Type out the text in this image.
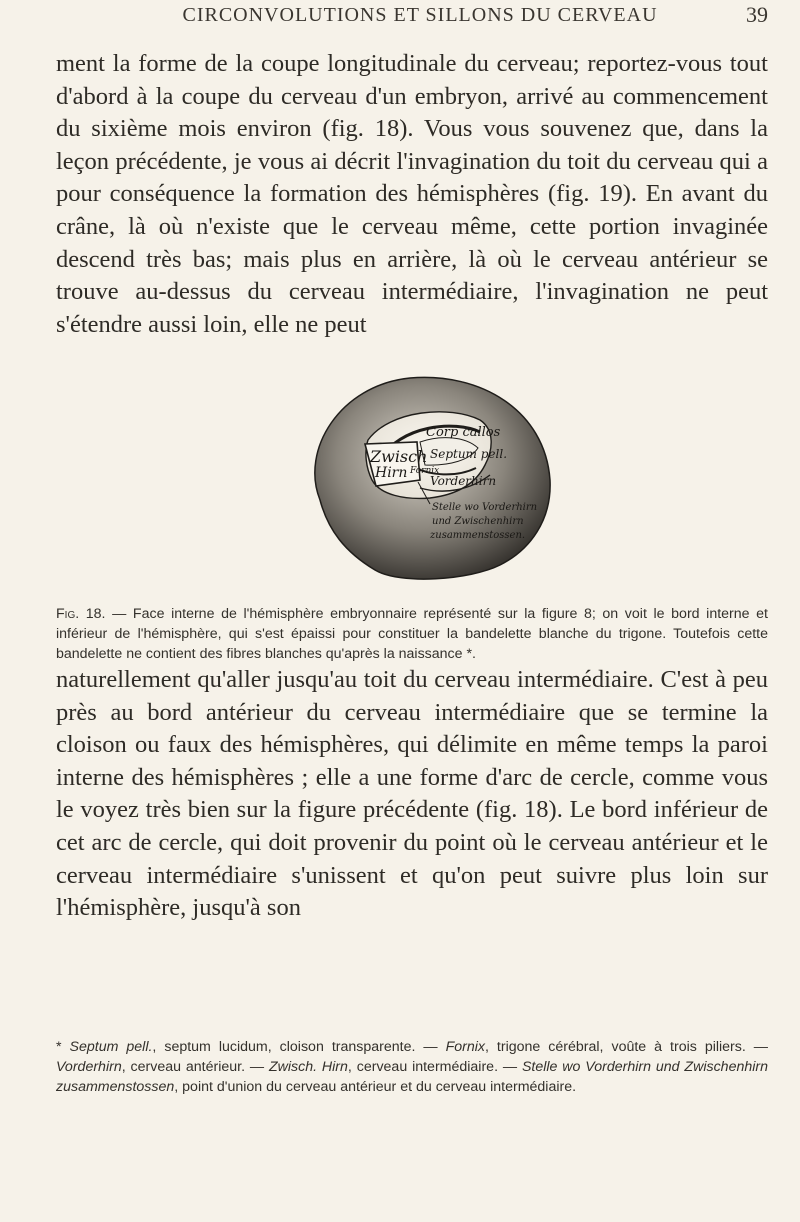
CIRCONVOLUTIONS ET SILLONS DU CERVEAU	39
ment la forme de la coupe longitudinale du cerveau; reportez-vous tout d'abord à la coupe du cerveau d'un embryon, arrivé au commencement du sixième mois environ (fig. 18). Vous vous souvenez que, dans la leçon précédente, je vous ai décrit l'invagination du toit du cerveau qui a pour conséquence la formation des hémisphères (fig. 19). En avant du crâne, là où n'existe que le cerveau même, cette portion invaginée descend très bas; mais plus en arrière, là où le cerveau antérieur se trouve au-dessus du cerveau intermédiaire, l'invagination ne peut s'étendre aussi loin, elle ne peut
Corp callos
Zwisch
Hirn
Septum pell.
Fornix
Vorderhirn
Stelle wo Vorderhirn
und Zwischenhirn
zusammenstossen.
Fig. 18. — Face interne de l'hémisphère embryonnaire représenté sur la figure 8; on voit le bord interne et inférieur de l'hémisphère, qui s'est épaissi pour constituer la bandelette blanche du trigone. Toutefois cette bandelette ne contient des fibres blanches qu'après la naissance *.
naturellement qu'aller jusqu'au toit du cerveau intermédiaire. C'est à peu près au bord antérieur du cerveau intermédiaire que se termine la cloison ou faux des hémisphères, qui délimite en même temps la paroi interne des hémisphères ; elle a une forme d'arc de cercle, comme vous le voyez très bien sur la figure précédente (fig. 18). Le bord inférieur de cet arc de cercle, qui doit provenir du point où le cerveau antérieur et le cerveau intermédiaire s'unissent et qu'on peut suivre plus loin sur l'hémisphère, jusqu'à son
* Septum pell., septum lucidum, cloison transparente. — Fornix, trigone cérébral, voûte à trois piliers. — Vorderhirn, cerveau antérieur. — Zwisch. Hirn, cerveau intermédiaire. — Stelle wo Vorderhirn und Zwischenhirn zusammenstossen, point d'union du cerveau antérieur et du cerveau intermédiaire.
